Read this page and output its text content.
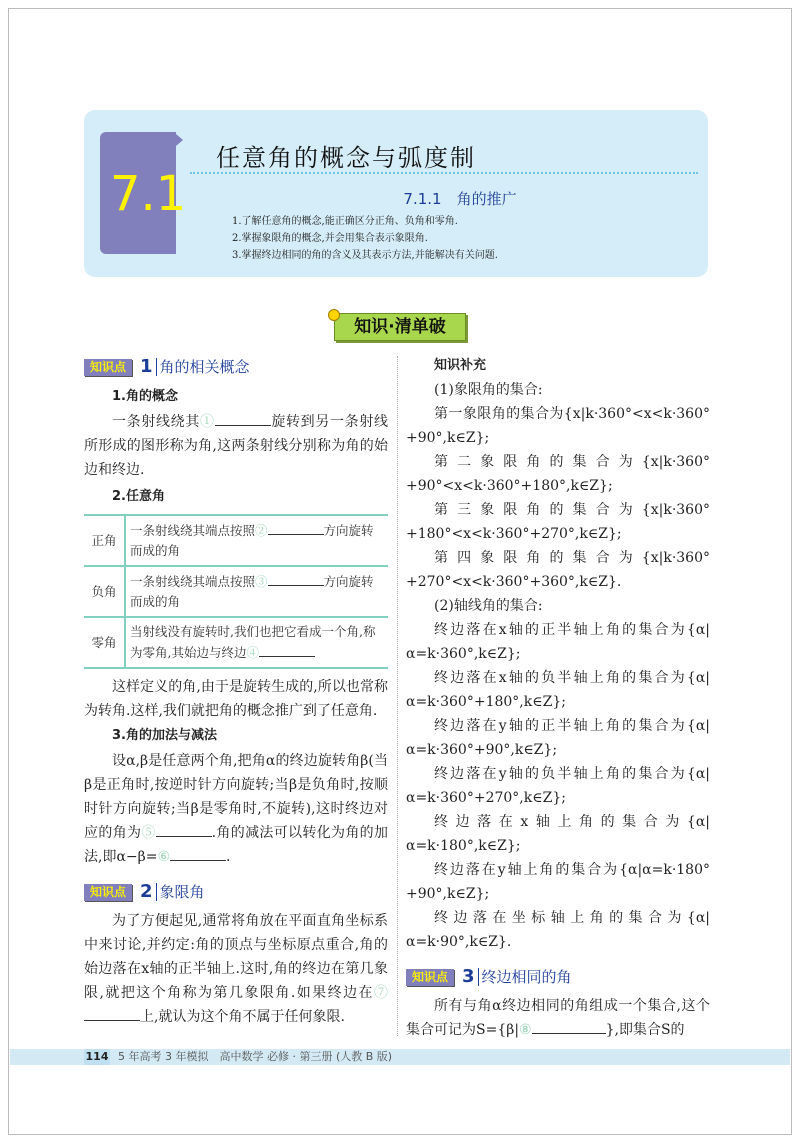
7.1
任意角的概念与弧度制
7.1.1　角的推广
1.了解任意角的概念,能正确区分正角、负角和零角.
2.掌握象限角的概念,并会用集合表示象限角.
3.掌握终边相同的角的含义及其表示方法,并能解决有关问题.
知识·清单破
知识点 1 角的相关概念
1.角的概念

一条射线绕其①	旋转到另一条射线所形成的图形称为角,这两条射线分别称为角的始边和终边.

2.任意角
正角	一条射线绕其端点按照② 方向旋转而成的角
负角	一条射线绕其端点按照③ 方向旋转而成的角
零角	当射线没有旋转时,我们也把它看成一个角,称为零角,其始边与终边④

这样定义的角,由于是旋转生成的,所以也常称为转角.这样,我们就把角的概念推广到了任意角.

3.角的加法与减法

设α,β是任意两个角,把角α的终边旋转角β(当β是正角时,按逆时针方向旋转;当β是负角时,按顺时针方向旋转;当β是零角时,不旋转),这时终边对应的角为⑤	.角的减法可以转化为角的加法,即α−β=⑥	.

知识点 2 象限角

为了方便起见,通常将角放在平面直角坐标系中来讨论,并约定:角的顶点与坐标原点重合,角的始边落在x轴的正半轴上.这时,角的终边在第几象限,就把这个角称为第几象限角.如果终边在⑦上,就认为这个角不属于任何象限.

知识补充

(1)象限角的集合:

第一象限角的集合为{x|k·360°<x<k·360°+90°,k∈Z};

第二象限角的集合为{x|k·360°+90°<x<k·360°+180°,k∈Z};

第三象限角的集合为{x|k·360°+180°<x<k·360°+270°,k∈Z};

第四象限角的集合为{x|k·360°+270°<x<k·360°+360°,k∈Z}.

(2)轴线角的集合:

终边落在x轴的正半轴上角的集合为{α|α=k·360°,k∈Z};

终边落在x轴的负半轴上角的集合为{α|α=k·360°+180°,k∈Z};

终边落在y轴的正半轴上角的集合为{α|α=k·360°+90°,k∈Z};

终边落在y轴的负半轴上角的集合为{α|α=k·360°+270°,k∈Z};

终边落在x轴上角的集合为{α|α=k·180°,k∈Z};

终边落在y轴上角的集合为{α|α=k·180°+90°,k∈Z};

终边落在坐标轴上角的集合为{α|α=k·90°,k∈Z}.

知识点 3 终边相同的角

所有与角α终边相同的角组成一个集合,这个集合可记为S={β|⑧	},即集合S的

114 5 年高考 3 年模拟　高中数学 必修 · 第三册 (人教 B 版)
